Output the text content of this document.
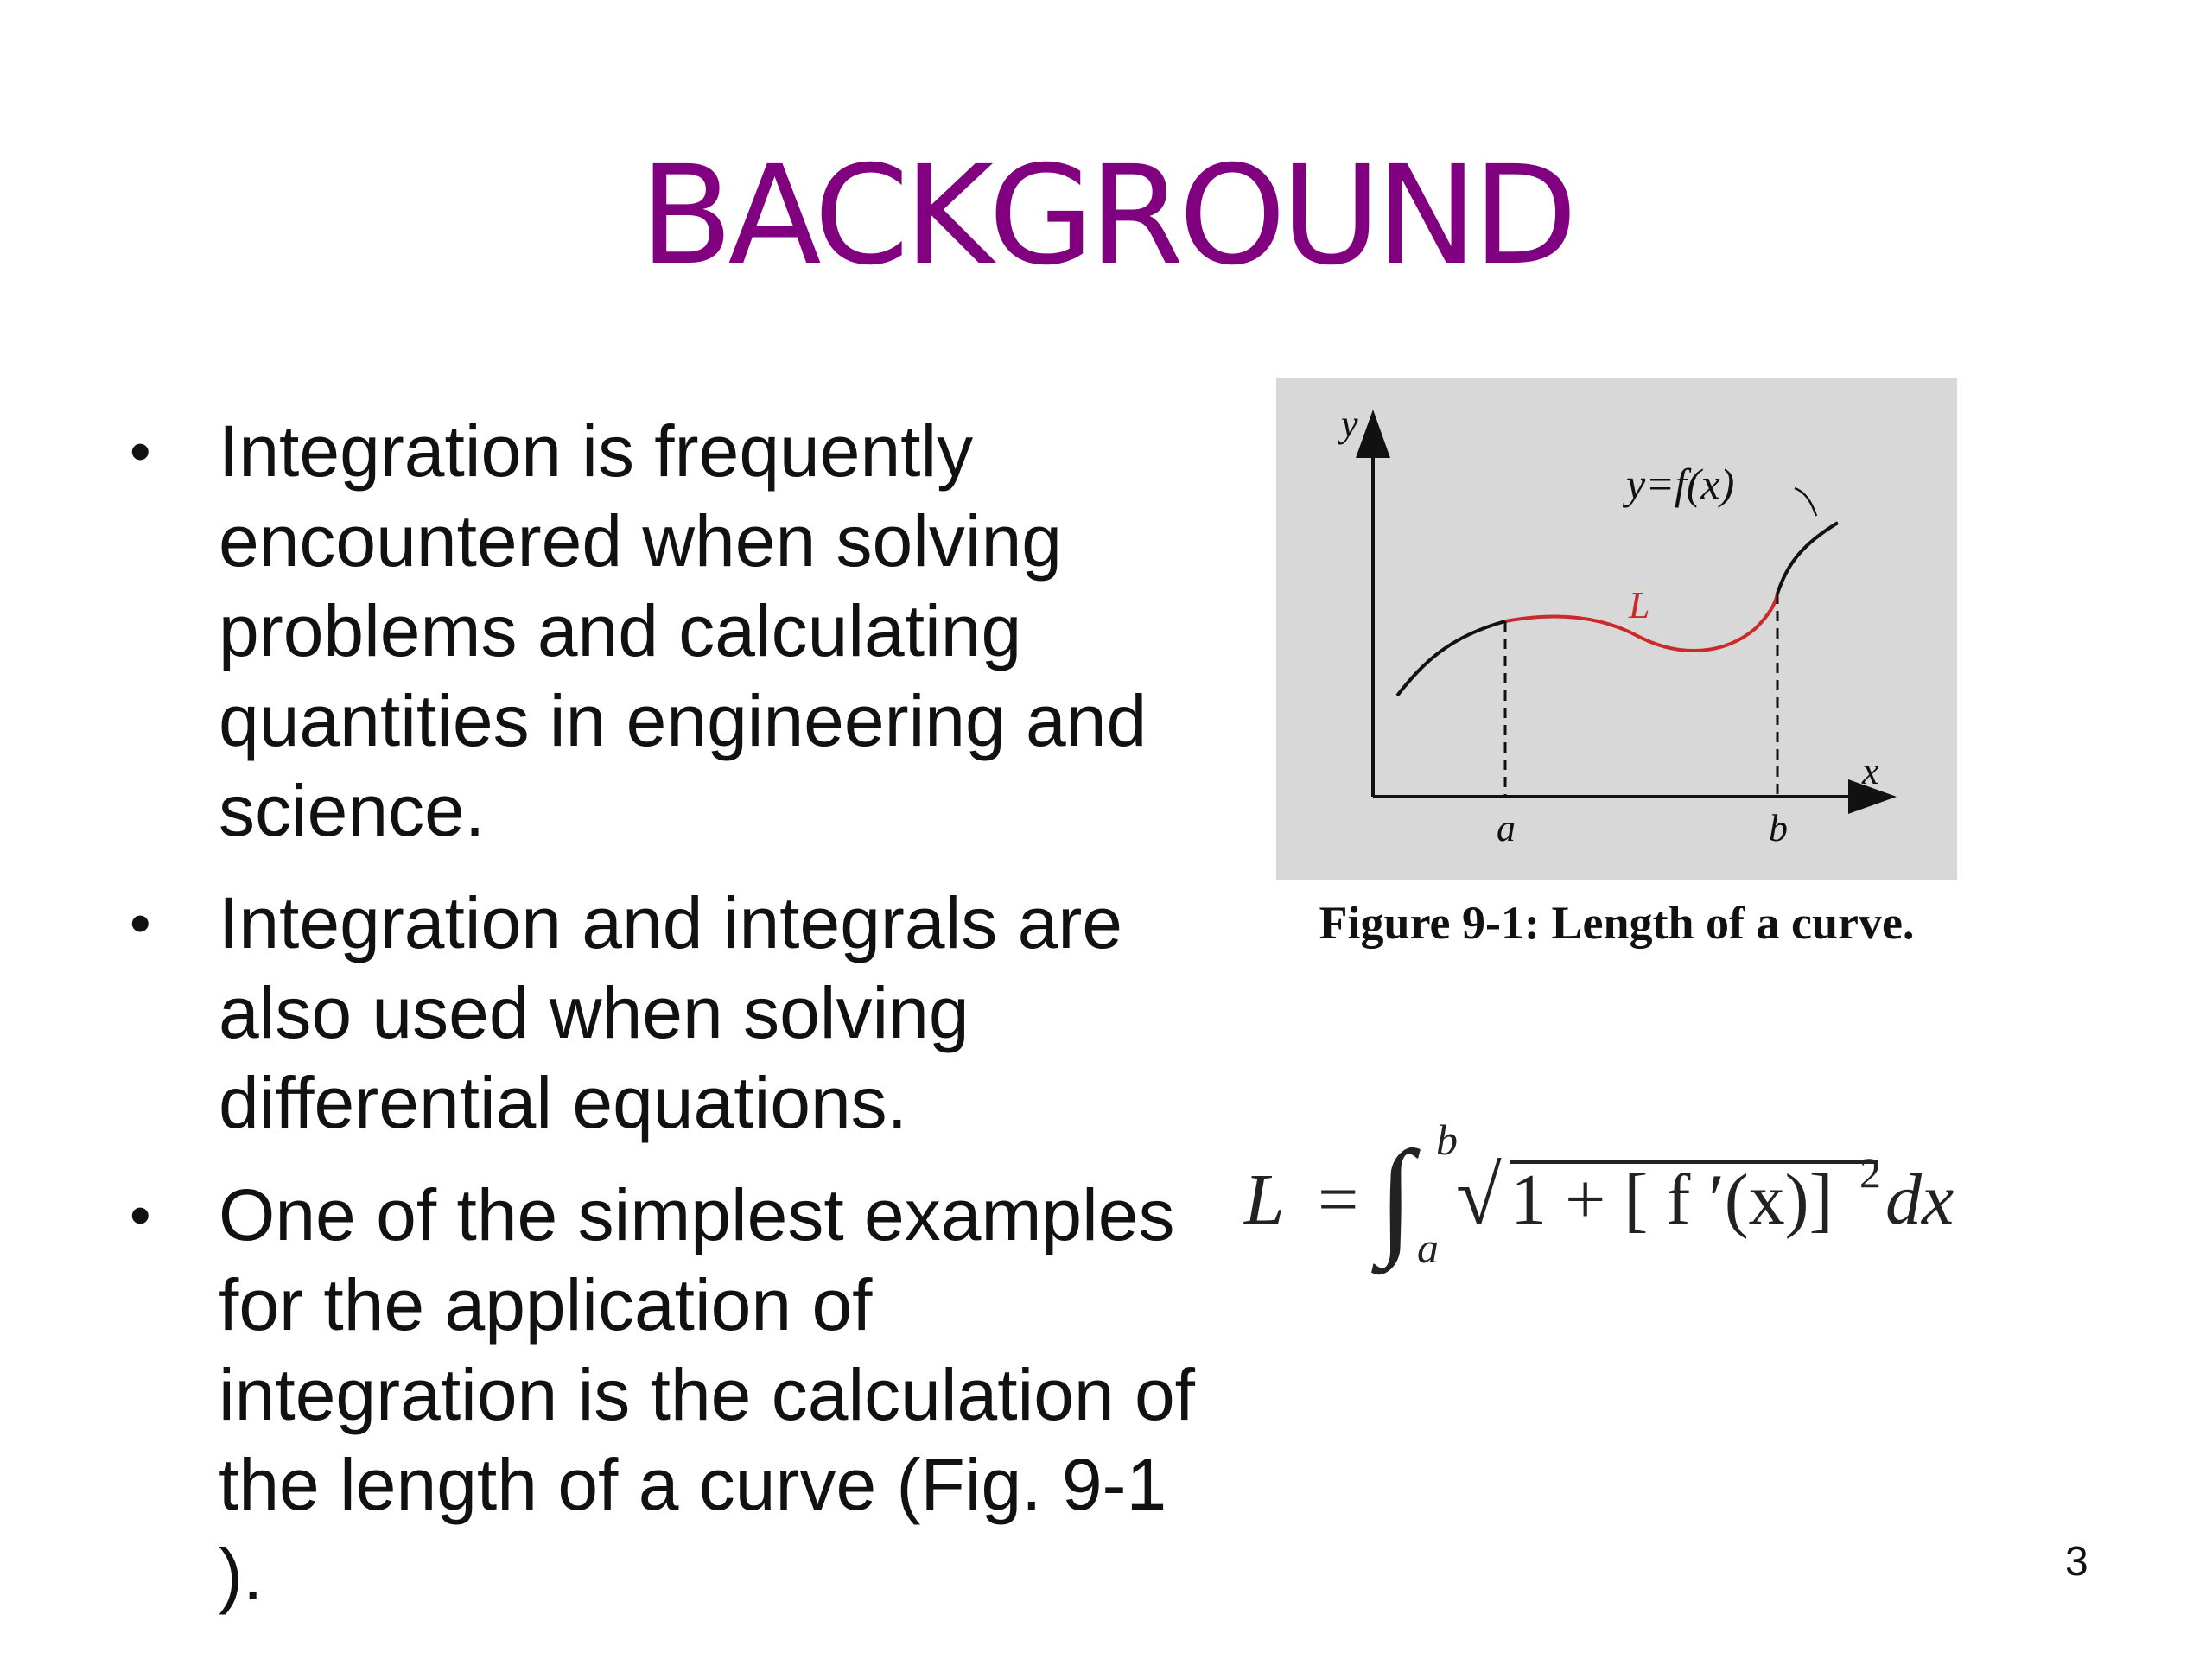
BACKGROUND
• Integration is frequently encountered when solving problems and calculating quantities in engineering and science.
• Integration and integrals are also used when solving differential equations.
• One of the simplest examples for the application of integration is the calculation of the length of a curve (Fig. 9-1 ).
y
x
y=f(x)
L
a	b
Figure 9-1: Length of a curve.
L = ∫ b
a
√ 1 + [ f ′(x)] 2 dx
3
